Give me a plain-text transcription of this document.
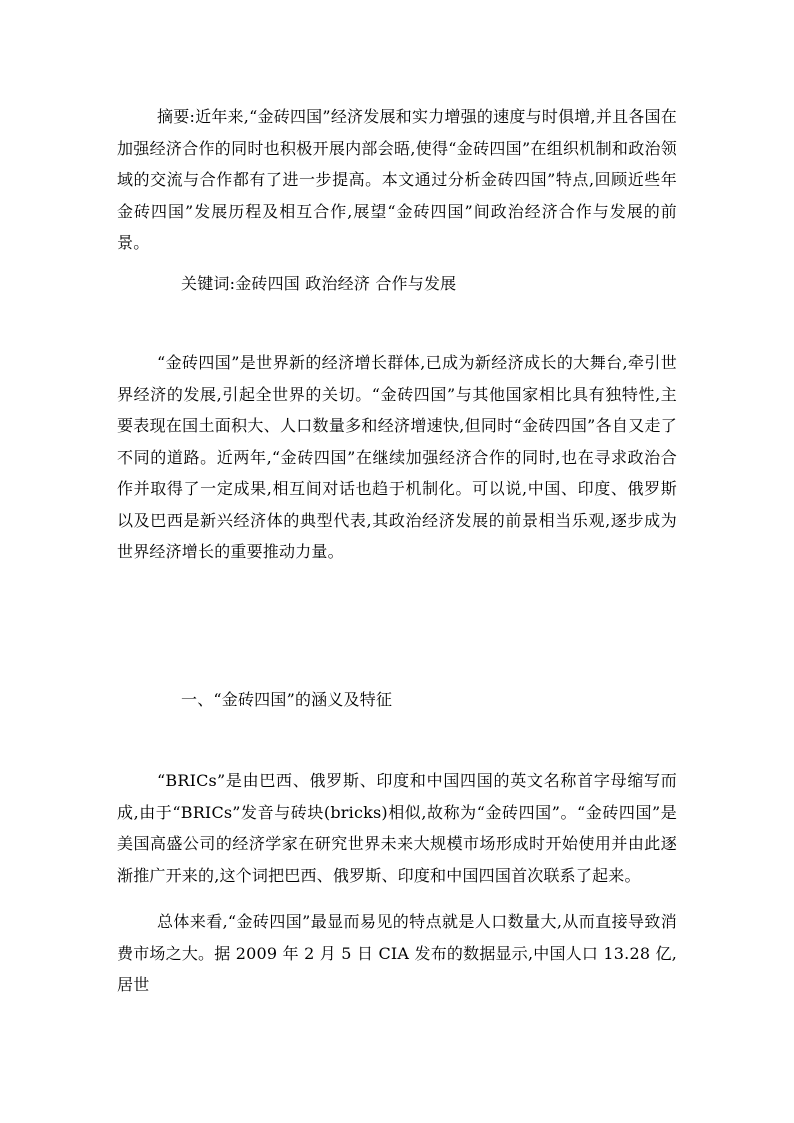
摘要:近年来,“金砖四国”经济发展和实力增强的速度与时俱增,并且各国在加强经济合作的同时也积极开展内部会晤,使得“金砖四国”在组织机制和政治领域的交流与合作都有了进一步提高。本文通过分析金砖四国”特点,回顾近些年金砖四国”发展历程及相互合作,展望“金砖四国”间政治经济合作与发展的前景。

关键词:金砖四国 政治经济 合作与发展

“金砖四国”是世界新的经济增长群体,已成为新经济成长的大舞台,牵引世界经济的发展,引起全世界的关切。“金砖四国”与其他国家相比具有独特性,主要表现在国土面积大、人口数量多和经济增速快,但同时“金砖四国”各自又走了不同的道路。近两年,“金砖四国”在继续加强经济合作的同时,也在寻求政治合作并取得了一定成果,相互间对话也趋于机制化。可以说,中国、印度、俄罗斯以及巴西是新兴经济体的典型代表,其政治经济发展的前景相当乐观,逐步成为世界经济增长的重要推动力量。

一、“金砖四国”的涵义及特征

“BRICs”是由巴西、俄罗斯、印度和中国四国的英文名称首字母缩写而成,由于“BRICs”发音与砖块(bricks)相似,故称为“金砖四国”。“金砖四国”是美国高盛公司的经济学家在研究世界未来大规模市场形成时开始使用并由此逐渐推广开来的,这个词把巴西、俄罗斯、印度和中国四国首次联系了起来。

总体来看,“金砖四国”最显而易见的特点就是人口数量大,从而直接导致消费市场之大。据 2009 年 2 月 5 日 CIA 发布的数据显示,中国人口 13.28 亿,居世
